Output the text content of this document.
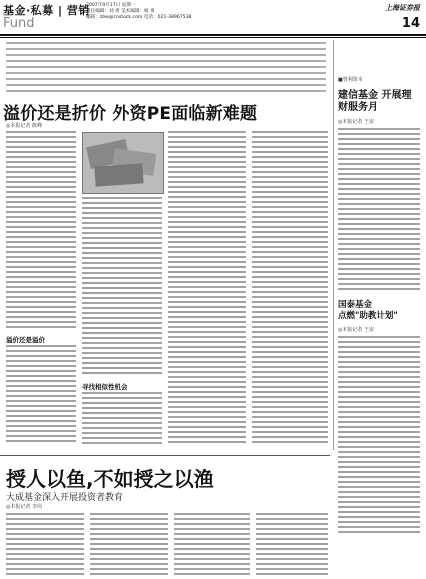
基金·私募 | 营销
2007年9月17日 星期一
责任编辑：刘 勇 美术编辑：杨 勇
邮箱：zbw@cnstock.com 电话：021-38967538
上海证券报
Fund	14
溢价还是折价 外资PE面临新难题
◎本报记者 陈峰
溢价还是溢价
寻找相似性机会
■曾利资本
建信基金 开展理财服务月
◎本报记者 王安
国泰基金
点燃"助教计划"
◎本报记者 王安
授人以鱼,不如授之以渔
大成基金深入开展投资者教育
◎本报记者 李岗
